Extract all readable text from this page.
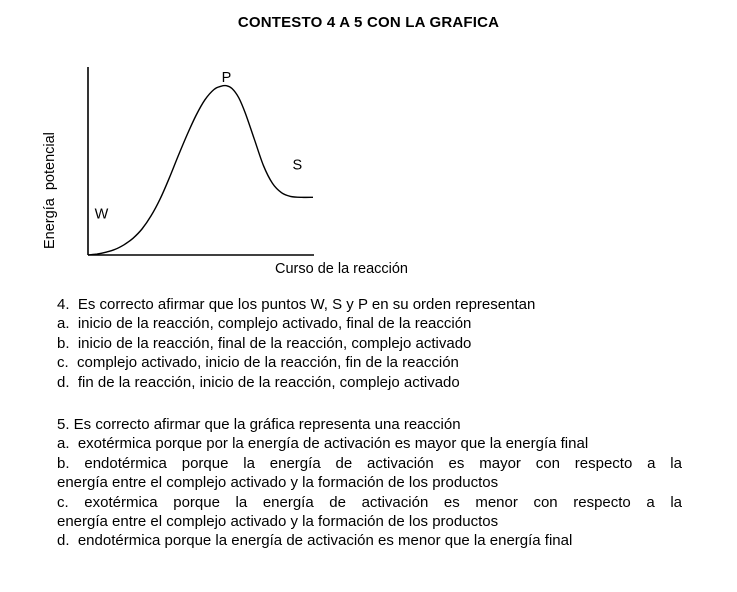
CONTESTO 4 A 5 CON LA GRAFICA
Energía  potencial	W
P
S
Curso de la reacción
4.  Es correcto afirmar que los puntos W, S y P en su orden representan
a.  inicio de la reacción, complejo activado, final de la reacción
b.  inicio de la reacción, final de la reacción, complejo activado
c.  complejo activado, inicio de la reacción, fin de la reacción
d.  fin de la reacción, inicio de la reacción, complejo activado
5. Es correcto afirmar que la gráfica representa una reacción
a.  exotérmica porque por la energía de activación es mayor que la energía final
b. endotérmica porque la energía de activación es mayor con respecto a la
energía entre el complejo activado y la formación de los productos
c. exotérmica porque la energía de activación es menor con respecto a la
energía entre el complejo activado y la formación de los productos
d.  endotérmica porque la energía de activación es menor que la energía final
